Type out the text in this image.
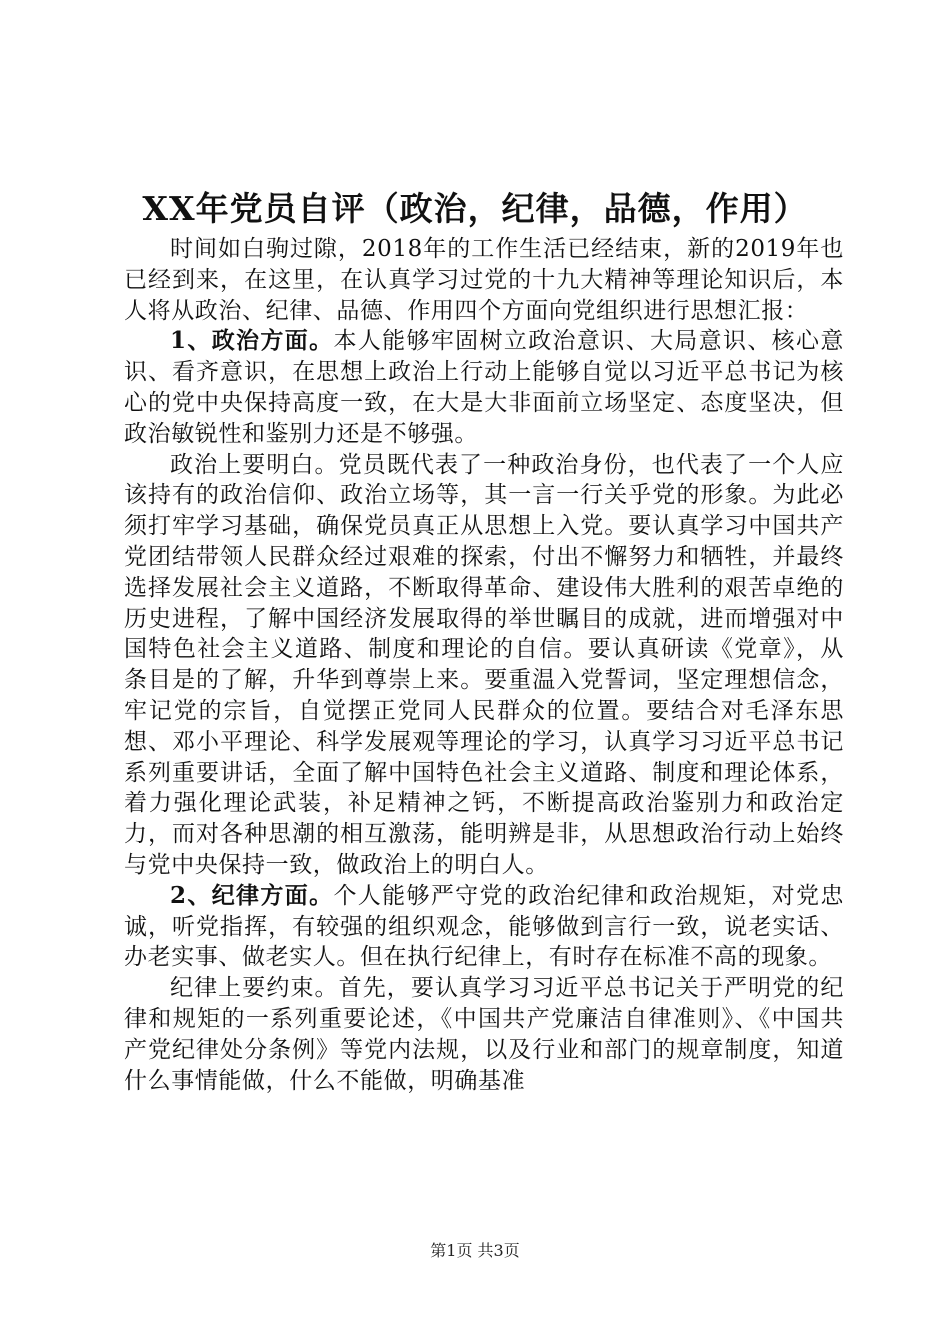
XX年党员自评（政治，纪律，品德，作用）

时间如白驹过隙，2018年的工作生活已经结束，新的2019年也已经到来，在这里，在认真学习过党的十九大精神等理论知识后，本人将从政治、纪律、品德、作用四个方面向党组织进行思想汇报：

1、政治方面。本人能够牢固树立政治意识、大局意识、核心意识、看齐意识，在思想上政治上行动上能够自觉以习近平总书记为核心的党中央保持高度一致，在大是大非面前立场坚定、态度坚决，但政治敏锐性和鉴别力还是不够强。

政治上要明白。党员既代表了一种政治身份，也代表了一个人应该持有的政治信仰、政治立场等，其一言一行关乎党的形象。为此必须打牢学习基础，确保党员真正从思想上入党。要认真学习中国共产党团结带领人民群众经过艰难的探索，付出不懈努力和牺牲，并最终选择发展社会主义道路，不断取得革命、建设伟大胜利的艰苦卓绝的历史进程，了解中国经济发展取得的举世瞩目的成就，进而增强对中国特色社会主义道路、制度和理论的自信。要认真研读《党章》，从条目是的了解，升华到尊崇上来。要重温入党誓词，坚定理想信念，牢记党的宗旨，自觉摆正党同人民群众的位置。要结合对毛泽东思想、邓小平理论、科学发展观等理论的学习，认真学习习近平总书记系列重要讲话，全面了解中国特色社会主义道路、制度和理论体系，着力强化理论武装，补足精神之钙，不断提高政治鉴别力和政治定力，而对各种思潮的相互激荡，能明辨是非，从思想政治行动上始终与党中央保持一致，做政治上的明白人。

2、纪律方面。个人能够严守党的政治纪律和政治规矩，对党忠诚，听党指挥，有较强的组织观念，能够做到言行一致，说老实话、办老实事、做老实人。但在执行纪律上，有时存在标准不高的现象。

纪律上要约束。首先，要认真学习习近平总书记关于严明党的纪律和规矩的一系列重要论述，《中国共产党廉洁自律准则》、《中国共产党纪律处分条例》等党内法规，以及行业和部门的规章制度，知道什么事情能做，什么不能做，明确基准

第1页 共3页
